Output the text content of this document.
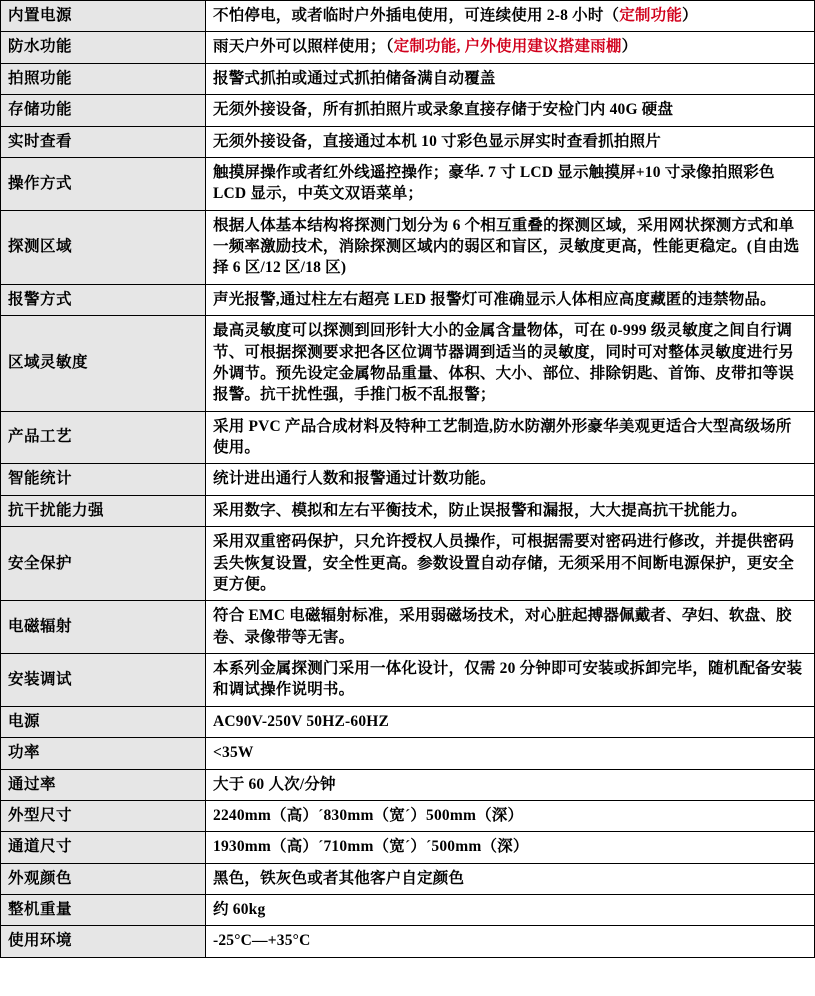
内置电源	不怕停电，或者临时户外插电使用，可连续使用 2-8 小时（定制功能）
防水功能	雨天户外可以照样使用；（定制功能, 户外使用建议搭建雨棚）
拍照功能	报警式抓拍或通过式抓拍储备满自动覆盖
存储功能	无须外接设备，所有抓拍照片或录象直接存储于安检门内 40G 硬盘
实时查看	无须外接设备，直接通过本机 10 寸彩色显示屏实时查看抓拍照片
操作方式	触摸屏操作或者红外线遥控操作；豪华. 7 寸 LCD 显示触摸屏+10 寸录像拍照彩色 LCD 显示，中英文双语菜单；
探测区域	根据人体基本结构将探测门划分为 6 个相互重叠的探测区域，采用网状探测方式和单一频率激励技术，消除探测区域内的弱区和盲区，灵敏度更高，性能更稳定。(自由选择 6 区/12 区/18 区)
报警方式	声光报警,通过柱左右超亮 LED 报警灯可准确显示人体相应高度藏匿的违禁物品。
区域灵敏度	最高灵敏度可以探测到回形针大小的金属含量物体，可在 0-999 级灵敏度之间自行调节、可根据探测要求把各区位调节器调到适当的灵敏度，同时可对整体灵敏度进行另外调节。预先设定金属物品重量、体积、大小、部位、排除钥匙、首饰、皮带扣等误报警。抗干扰性强，手推门板不乱报警；
产品工艺	采用 PVC 产品合成材料及特种工艺制造,防水防潮外形豪华美观更适合大型高级场所使用。
智能统计	统计进出通行人数和报警通过计数功能。
抗干扰能力强	采用数字、模拟和左右平衡技术，防止误报警和漏报，大大提高抗干扰能力。
安全保护	采用双重密码保护，只允许授权人员操作，可根据需要对密码进行修改，并提供密码丢失恢复设置，安全性更高。参数设置自动存储，无须采用不间断电源保护，更安全更方便。
电磁辐射	符合 EMC 电磁辐射标准，采用弱磁场技术，对心脏起搏器佩戴者、孕妇、软盘、胶卷、录像带等无害。
安装调试	本系列金属探测门采用一体化设计，仅需 20 分钟即可安装或拆卸完毕，随机配备安装和调试操作说明书。
电源	AC90V-250V 50HZ-60HZ
功率	<35W
通过率	大于 60 人次/分钟
外型尺寸	2240mm（高）´830mm（宽´）500mm（深）
通道尺寸	1930mm（高）´710mm（宽´）´500mm（深）
外观颜色	黑色，铁灰色或者其他客户自定颜色
整机重量	约 60kg
使用环境	-25°C—+35°C
